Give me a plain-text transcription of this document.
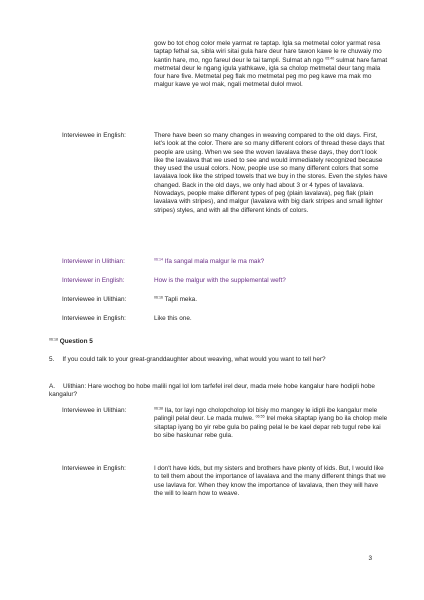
gow bo tot chog color mele yarmat re taptap. Igla sa metmetal color yarmat resa taptap fethal sa, sibla wiri sitai gula hare deur hare tawon kawe le re chuwaiy mo kantin hare, mo, ngo fareul deur le tai tampli. Sulmat ah ngo $^{05:40}$ sulmat hare famat metmetal deur le ngang igula yathkawe, igla sa cholop metmetal deur tang mala four hare five. Metmetal peg flak mo metmetal peg mo peg kawe ma mak mo malgur kawe ye wol mak, ngali metmetal dulol mwol.
Interviewee in English:	There have been so many changes in weaving compared to the old days. First, let's look at the color. There are so many different colors of thread these days that people are using. When we see the woven lavalava these days, they don't look like the lavalava that we used to see and would immediately recognized because they used the usual colors. Now, people use so many different colors that some lavalava look like the striped towels that we buy in the stores. Even the styles have changed. Back in the old days, we only had about 3 or 4 types of lavalava. Nowadays, people make different types of peg (plain lavalava), peg flak (plain lavalava with stripes), and malgur (lavalava with big dark stripes and small lighter stripes) styles, and with all the different kinds of colors.
Interviewer in Ulithian:	$^{06:14}$ Ifa sangal mala malgur le ma mak?
Interviewer in English:	How is the malgur with the supplemental weft?
Interviewee in Ulithian:	$^{06:16}$ Tapli meka.
Interviewee in English:	Like this one.
$^{06:18}$ Question 5
5. If you could talk to your great-granddaughter about weaving, what would you want to tell her?
A. Ulithian: Hare wochog bo hobe malili ngal lol lom tarfefel irel deur, mada mele hobe kangalur hare hodipli hobe kangalur?
Interviewee in Ulithian:	$^{06:38}$ Ila, tor layi ngo cholopcholop lol bisiy mo mangey le idipli ibe kangalur mele palingil pelal deur. Le mada mulwe. $^{06:55}$ Irel meka sitaptap iyang bo ila cholop mele sitaptap iyang bo yir rebe gula bo paling pelal le be kael depar reb tugul rebe kai bo sibe haskunar rebe gula.
Interviewee in English:	I don't have kids, but my sisters and brothers have plenty of kids. But, I would like to tell them about the importance of lavalava and the many different things that we use lavlava for. When they know the importance of lavalava, then they will have the will to learn how to weave.
3
